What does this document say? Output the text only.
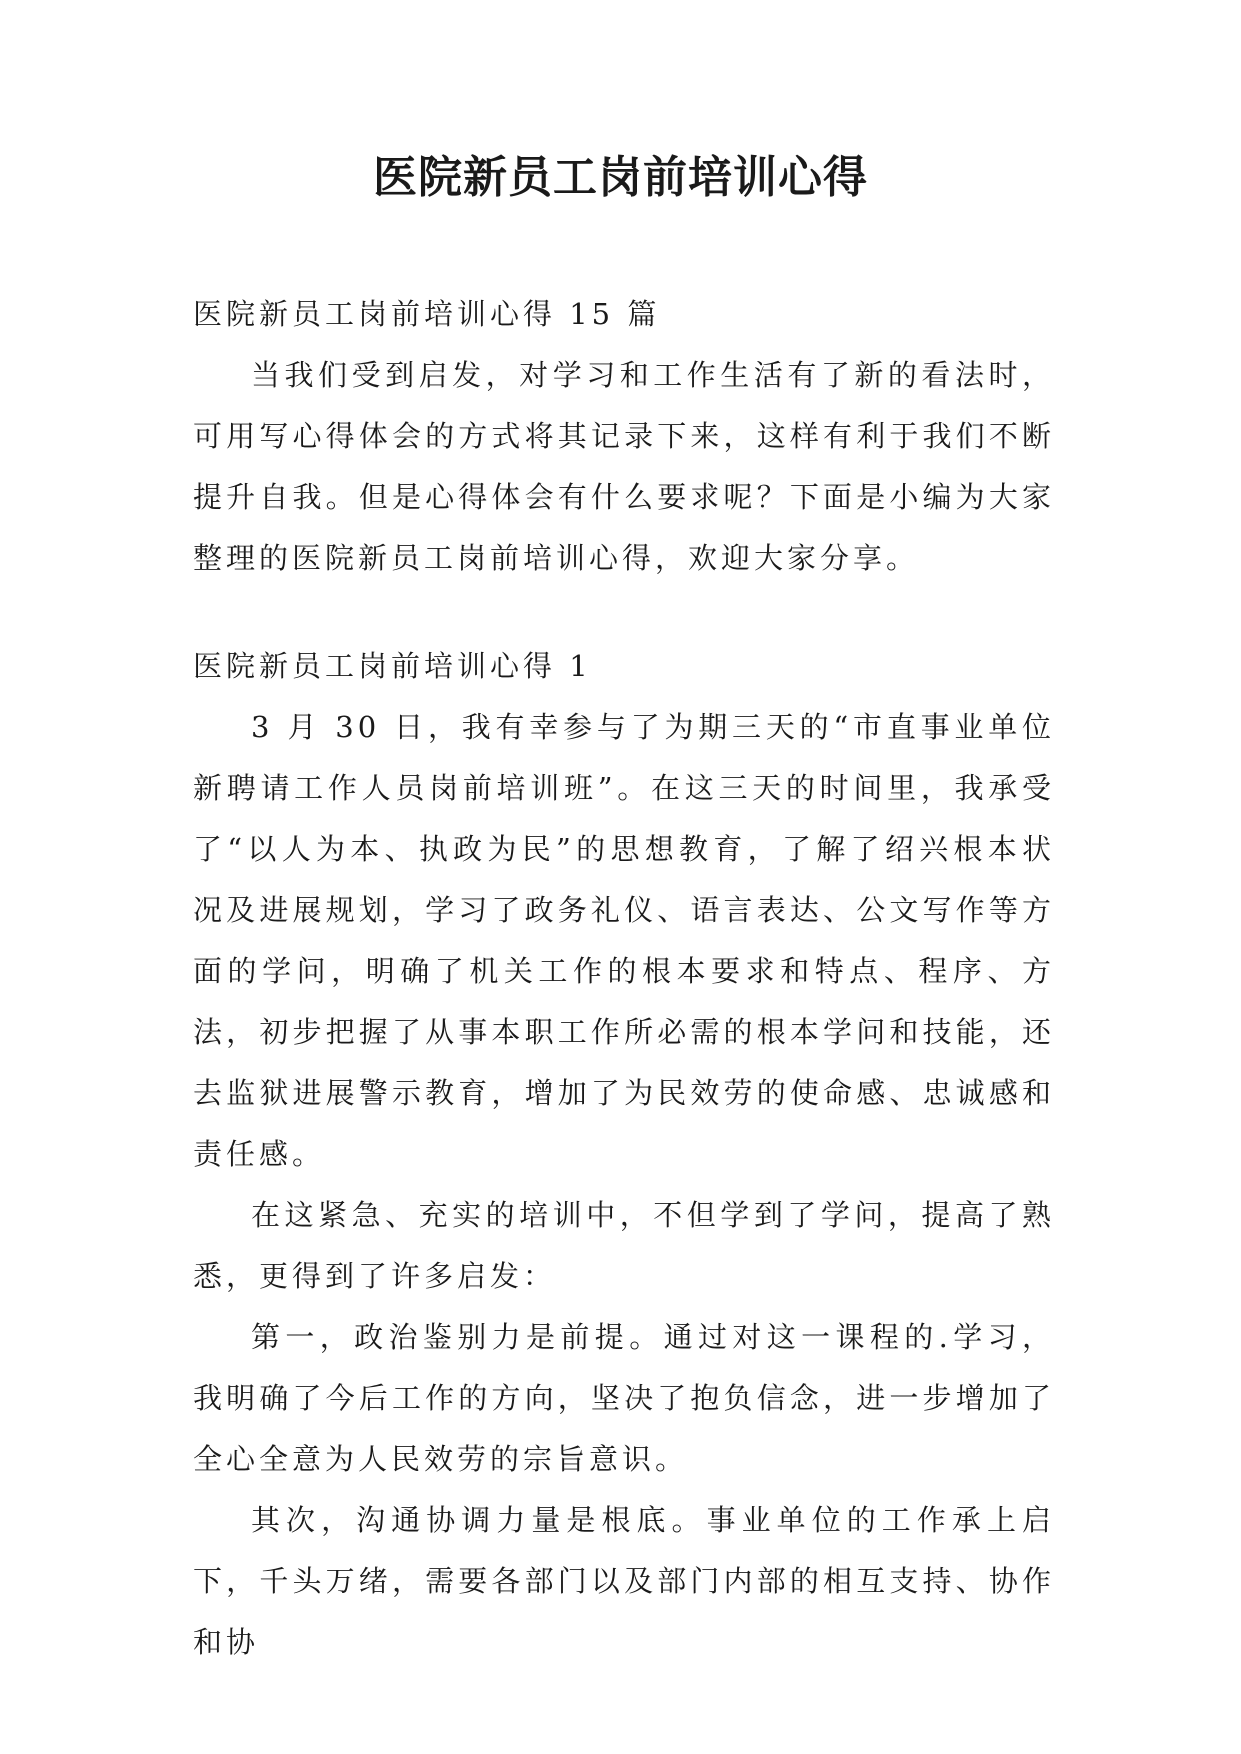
医院新员工岗前培训心得

医院新员工岗前培训心得 15 篇

当我们受到启发，对学习和工作生活有了新的看法时，可用写心得体会的方式将其记录下来，这样有利于我们不断提升自我。但是心得体会有什么要求呢？下面是小编为大家整理的医院新员工岗前培训心得，欢迎大家分享。

医院新员工岗前培训心得 1

3 月 30 日，我有幸参与了为期三天的“市直事业单位新聘请工作人员岗前培训班”。在这三天的时间里，我承受了“以人为本、执政为民”的思想教育，了解了绍兴根本状况及进展规划，学习了政务礼仪、语言表达、公文写作等方面的学问，明确了机关工作的根本要求和特点、程序、方法，初步把握了从事本职工作所必需的根本学问和技能，还去监狱进展警示教育，增加了为民效劳的使命感、忠诚感和责任感。

在这紧急、充实的培训中，不但学到了学问，提高了熟悉，更得到了许多启发：

第一，政治鉴别力是前提。通过对这一课程的.学习，我明确了今后工作的方向，坚决了抱负信念，进一步增加了全心全意为人民效劳的宗旨意识。

其次，沟通协调力量是根底。事业单位的工作承上启下，千头万绪，需要各部门以及部门内部的相互支持、协作和协
